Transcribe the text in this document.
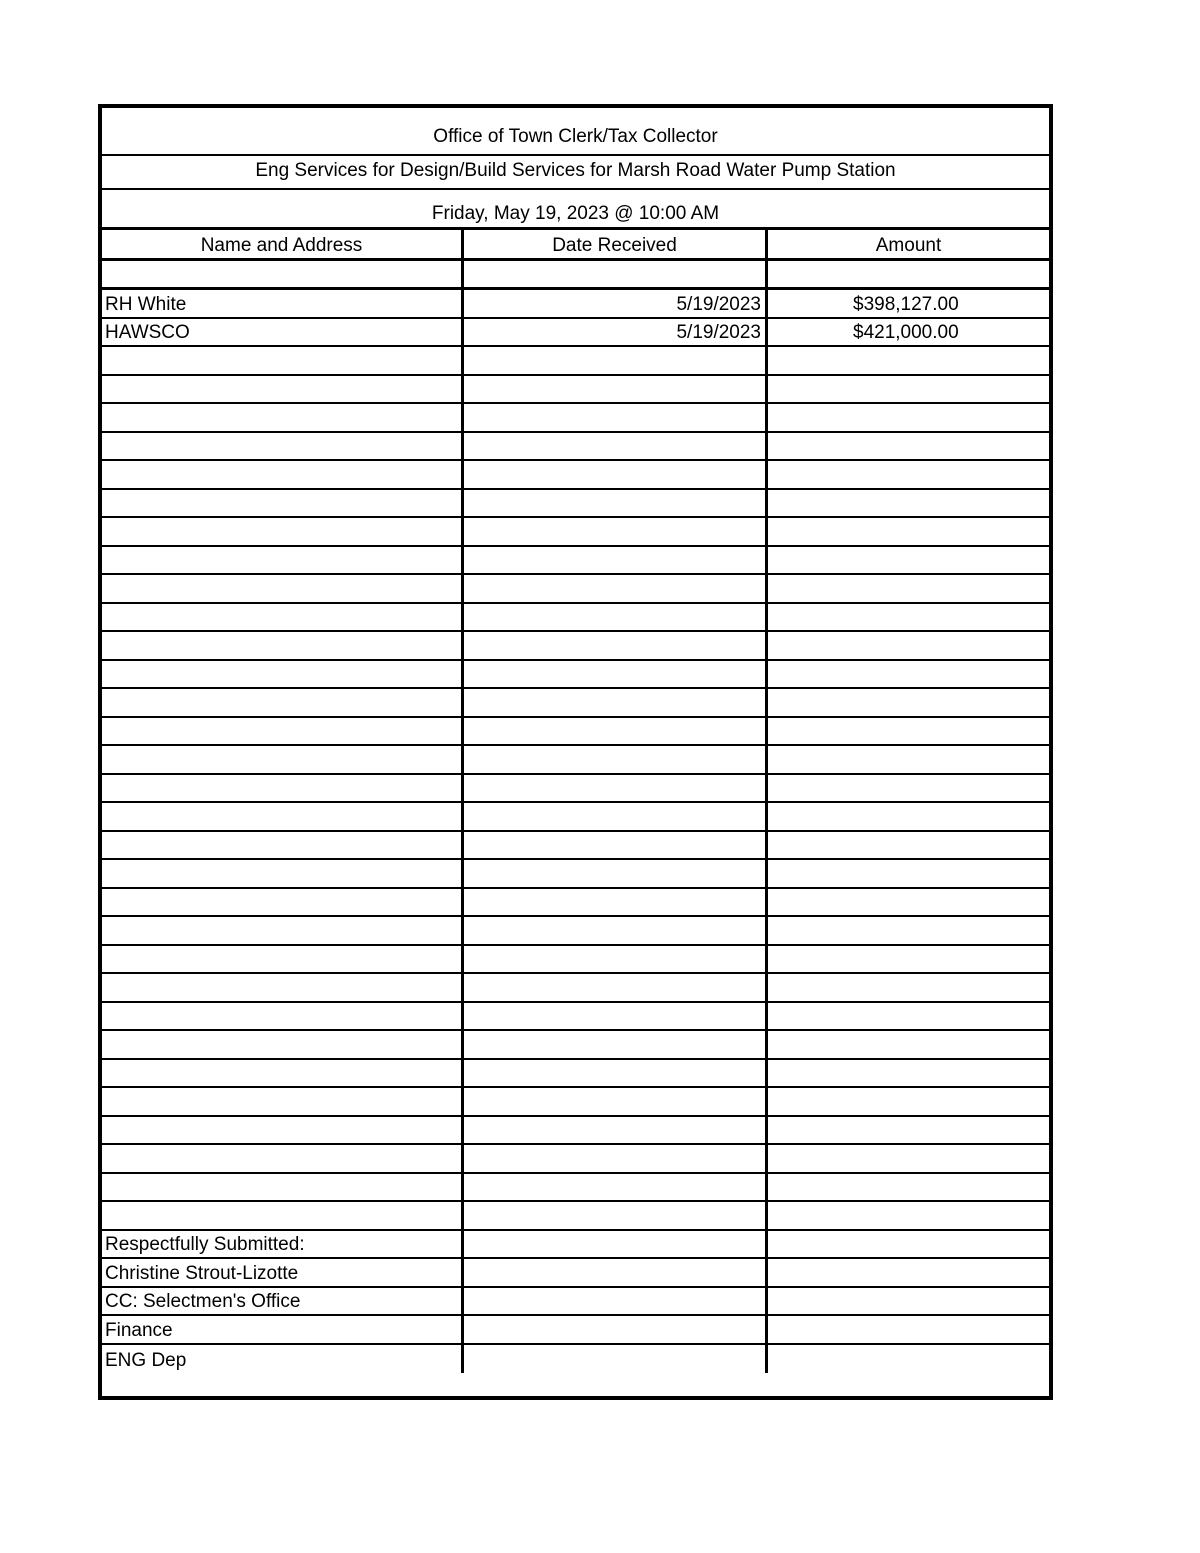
Office of Town Clerk/Tax Collector
Eng Services for Design/Build Services for Marsh Road Water Pump Station
Friday, May 19, 2023 @ 10:00 AM
Name and Address	Date Received	Amount
RH White	5/19/2023	$398,127.00
HAWSCO	5/19/2023	$421,000.00
Respectfully Submitted:
Christine Strout-Lizotte
CC: Selectmen's Office
Finance
ENG Dep
